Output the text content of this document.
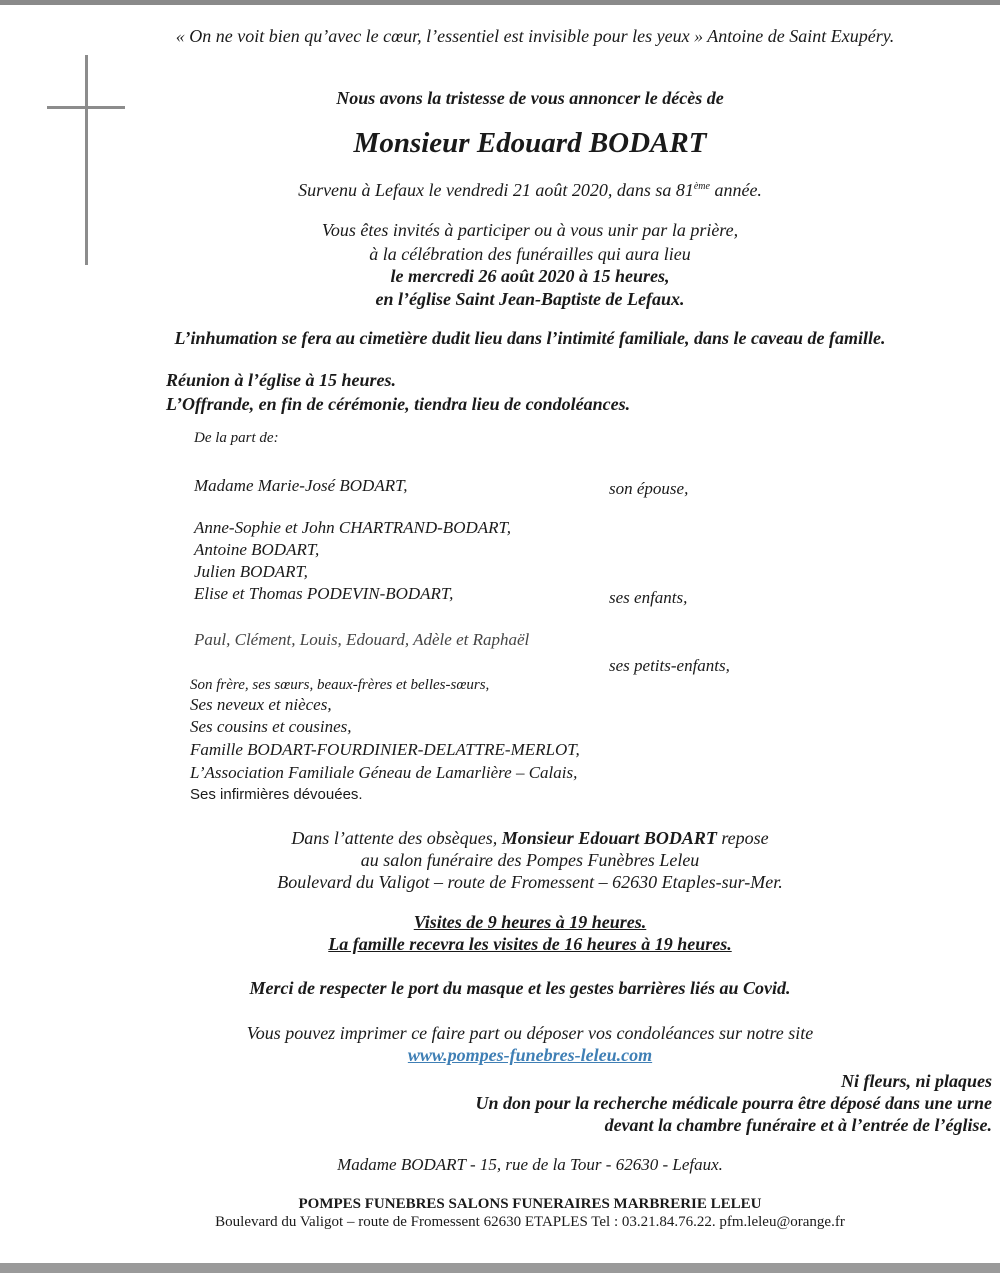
« On ne voit bien qu’avec le cœur, l’essentiel est invisible pour les yeux » Antoine de Saint Exupéry.
Nous avons la tristesse de vous annoncer le décès de
Monsieur Edouard BODART
Survenu à Lefaux le vendredi 21 août 2020, dans sa 81ème année.
Vous êtes invités à participer ou à vous unir par la prière,
à la célébration des funérailles qui aura lieu
le mercredi 26 août 2020 à 15 heures,
en l’église Saint Jean-Baptiste de Lefaux.
L’inhumation se fera au cimetière dudit lieu dans l’intimité familiale, dans le caveau de famille.
Réunion à l’église à 15 heures.
L’Offrande, en fin de cérémonie, tiendra lieu de condoléances.
De la part de:
Madame Marie-José BODART,	son épouse,
Anne-Sophie et John CHARTRAND-BODART,
Antoine BODART,
Julien BODART,
Elise et Thomas PODEVIN-BODART,	ses enfants,
Paul, Clément, Louis, Edouard, Adèle et Raphaël
ses petits-enfants,
Son frère, ses sœurs, beaux-frères et belles-sœurs,
Ses neveux et nièces,
Ses cousins et cousines,
Famille BODART-FOURDINIER-DELATTRE-MERLOT,
L’Association Familiale Géneau de Lamarlière – Calais,
Ses infirmières dévouées.
Dans l’attente des obsèques, Monsieur Edouart BODART repose
au salon funéraire des Pompes Funèbres Leleu
Boulevard du Valigot – route de Fromessent – 62630 Etaples-sur-Mer.
Visites de 9 heures à 19 heures.
La famille recevra les visites de 16 heures à 19 heures.
Merci de respecter le port du masque et les gestes barrières liés au Covid.
Vous pouvez imprimer ce faire part ou déposer vos condoléances sur notre site
www.pompes-funebres-leleu.com
Ni fleurs, ni plaques
Un don pour la recherche médicale pourra être déposé dans une urne
devant la chambre funéraire et à l’entrée de l’église.
Madame BODART - 15, rue de la Tour - 62630 - Lefaux.
POMPES FUNEBRES SALONS FUNERAIRES MARBRERIE LELEU
Boulevard du Valigot – route de Fromessent 62630 ETAPLES Tel : 03.21.84.76.22. pfm.leleu@orange.fr
